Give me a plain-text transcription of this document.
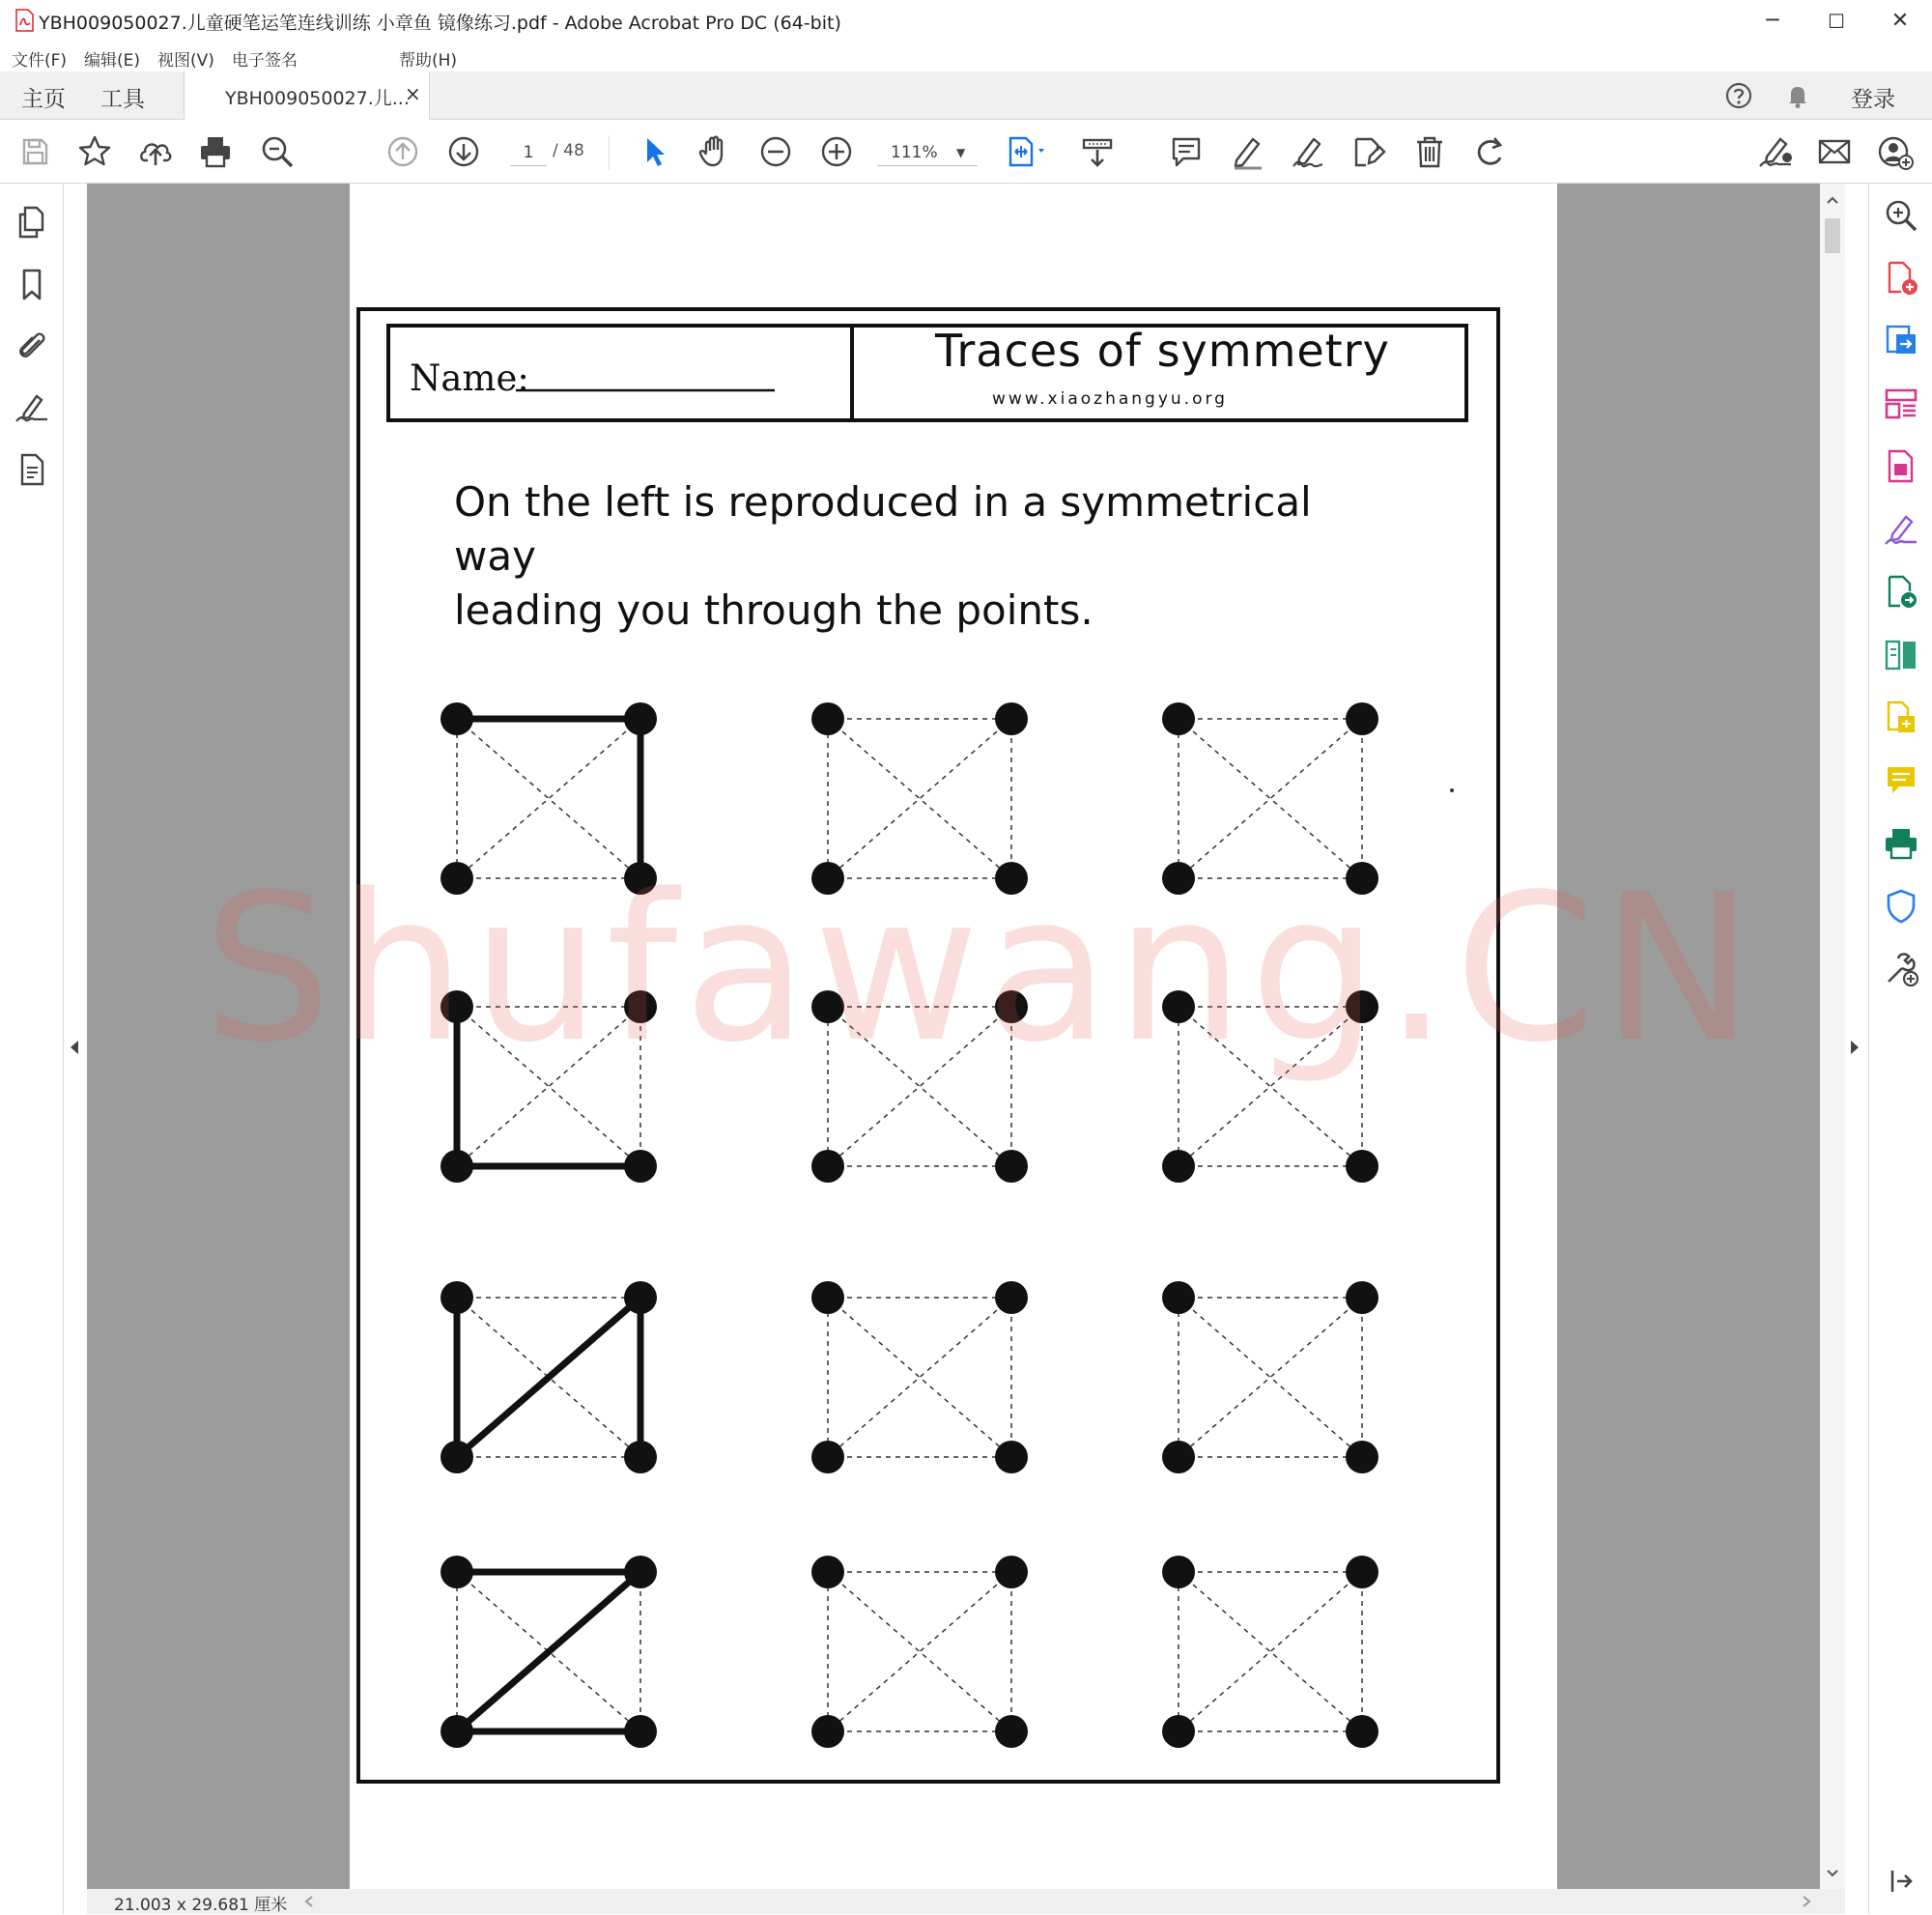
YBH009050027.儿童硬笔运笔连线训练 小章鱼 镜像练习.pdf - Adobe Acrobat Pro DC (64-bit)	─	☐	✕
文件(F) 编辑(E) 视图(V) 电子签名	帮助(H)
主页 工具	YBH009050027.儿...
×	登录
1	/ 48	111% ▼
Name:
Traces of symmetry
www.xiaozhangyu.org
On the left is reproduced in a symmetrical way
leading you through the points.
Shufawang.CN
21.003 x 29.681 厘米
